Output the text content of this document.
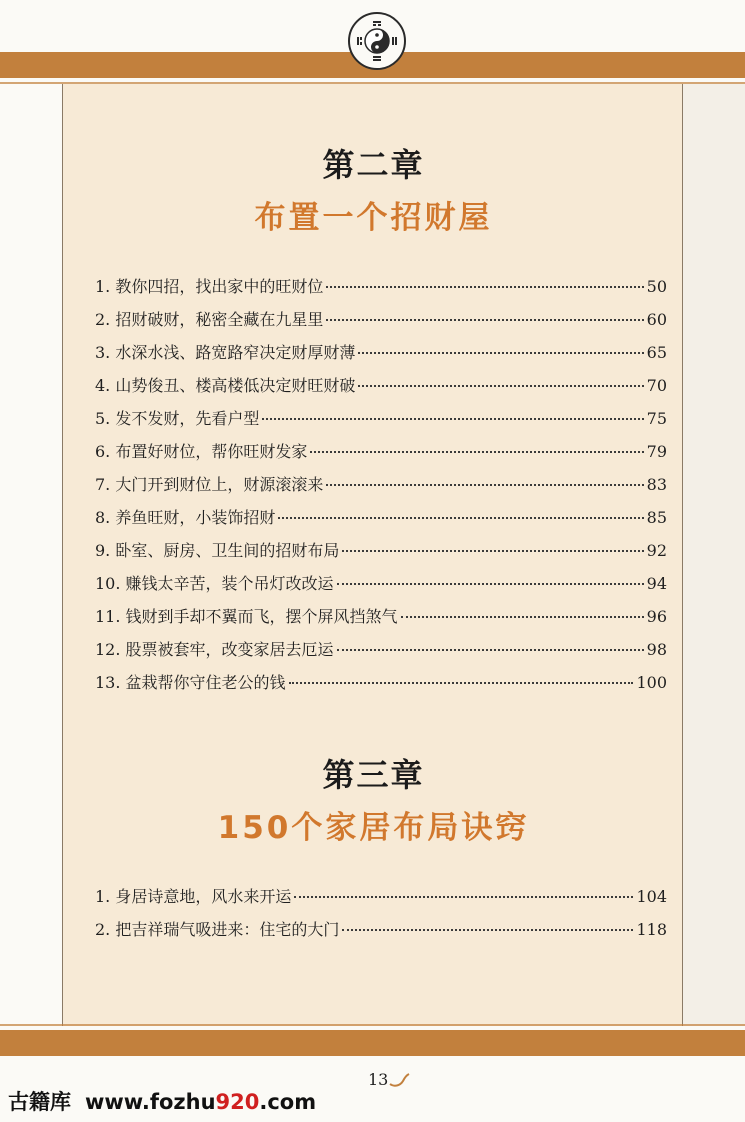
第二章
布置一个招财屋
1. 教你四招，找出家中的旺财位	50
2. 招财破财，秘密全藏在九星里	60
3. 水深水浅、路宽路窄决定财厚财薄	65
4. 山势俊丑、楼高楼低决定财旺财破	70
5. 发不发财，先看户型	75
6. 布置好财位，帮你旺财发家	79
7. 大门开到财位上，财源滚滚来	83
8. 养鱼旺财，小装饰招财	85
9. 卧室、厨房、卫生间的招财布局	92
10. 赚钱太辛苦，装个吊灯改改运	94
11. 钱财到手却不翼而飞，摆个屏风挡煞气	96
12. 股票被套牢，改变家居去厄运	98
13. 盆栽帮你守住老公的钱	100
第三章
150个家居布局诀窍
1. 身居诗意地，风水来开运	104
2. 把吉祥瑞气吸进来：住宅的大门	118
13
古籍库 www.fozhu920.com
